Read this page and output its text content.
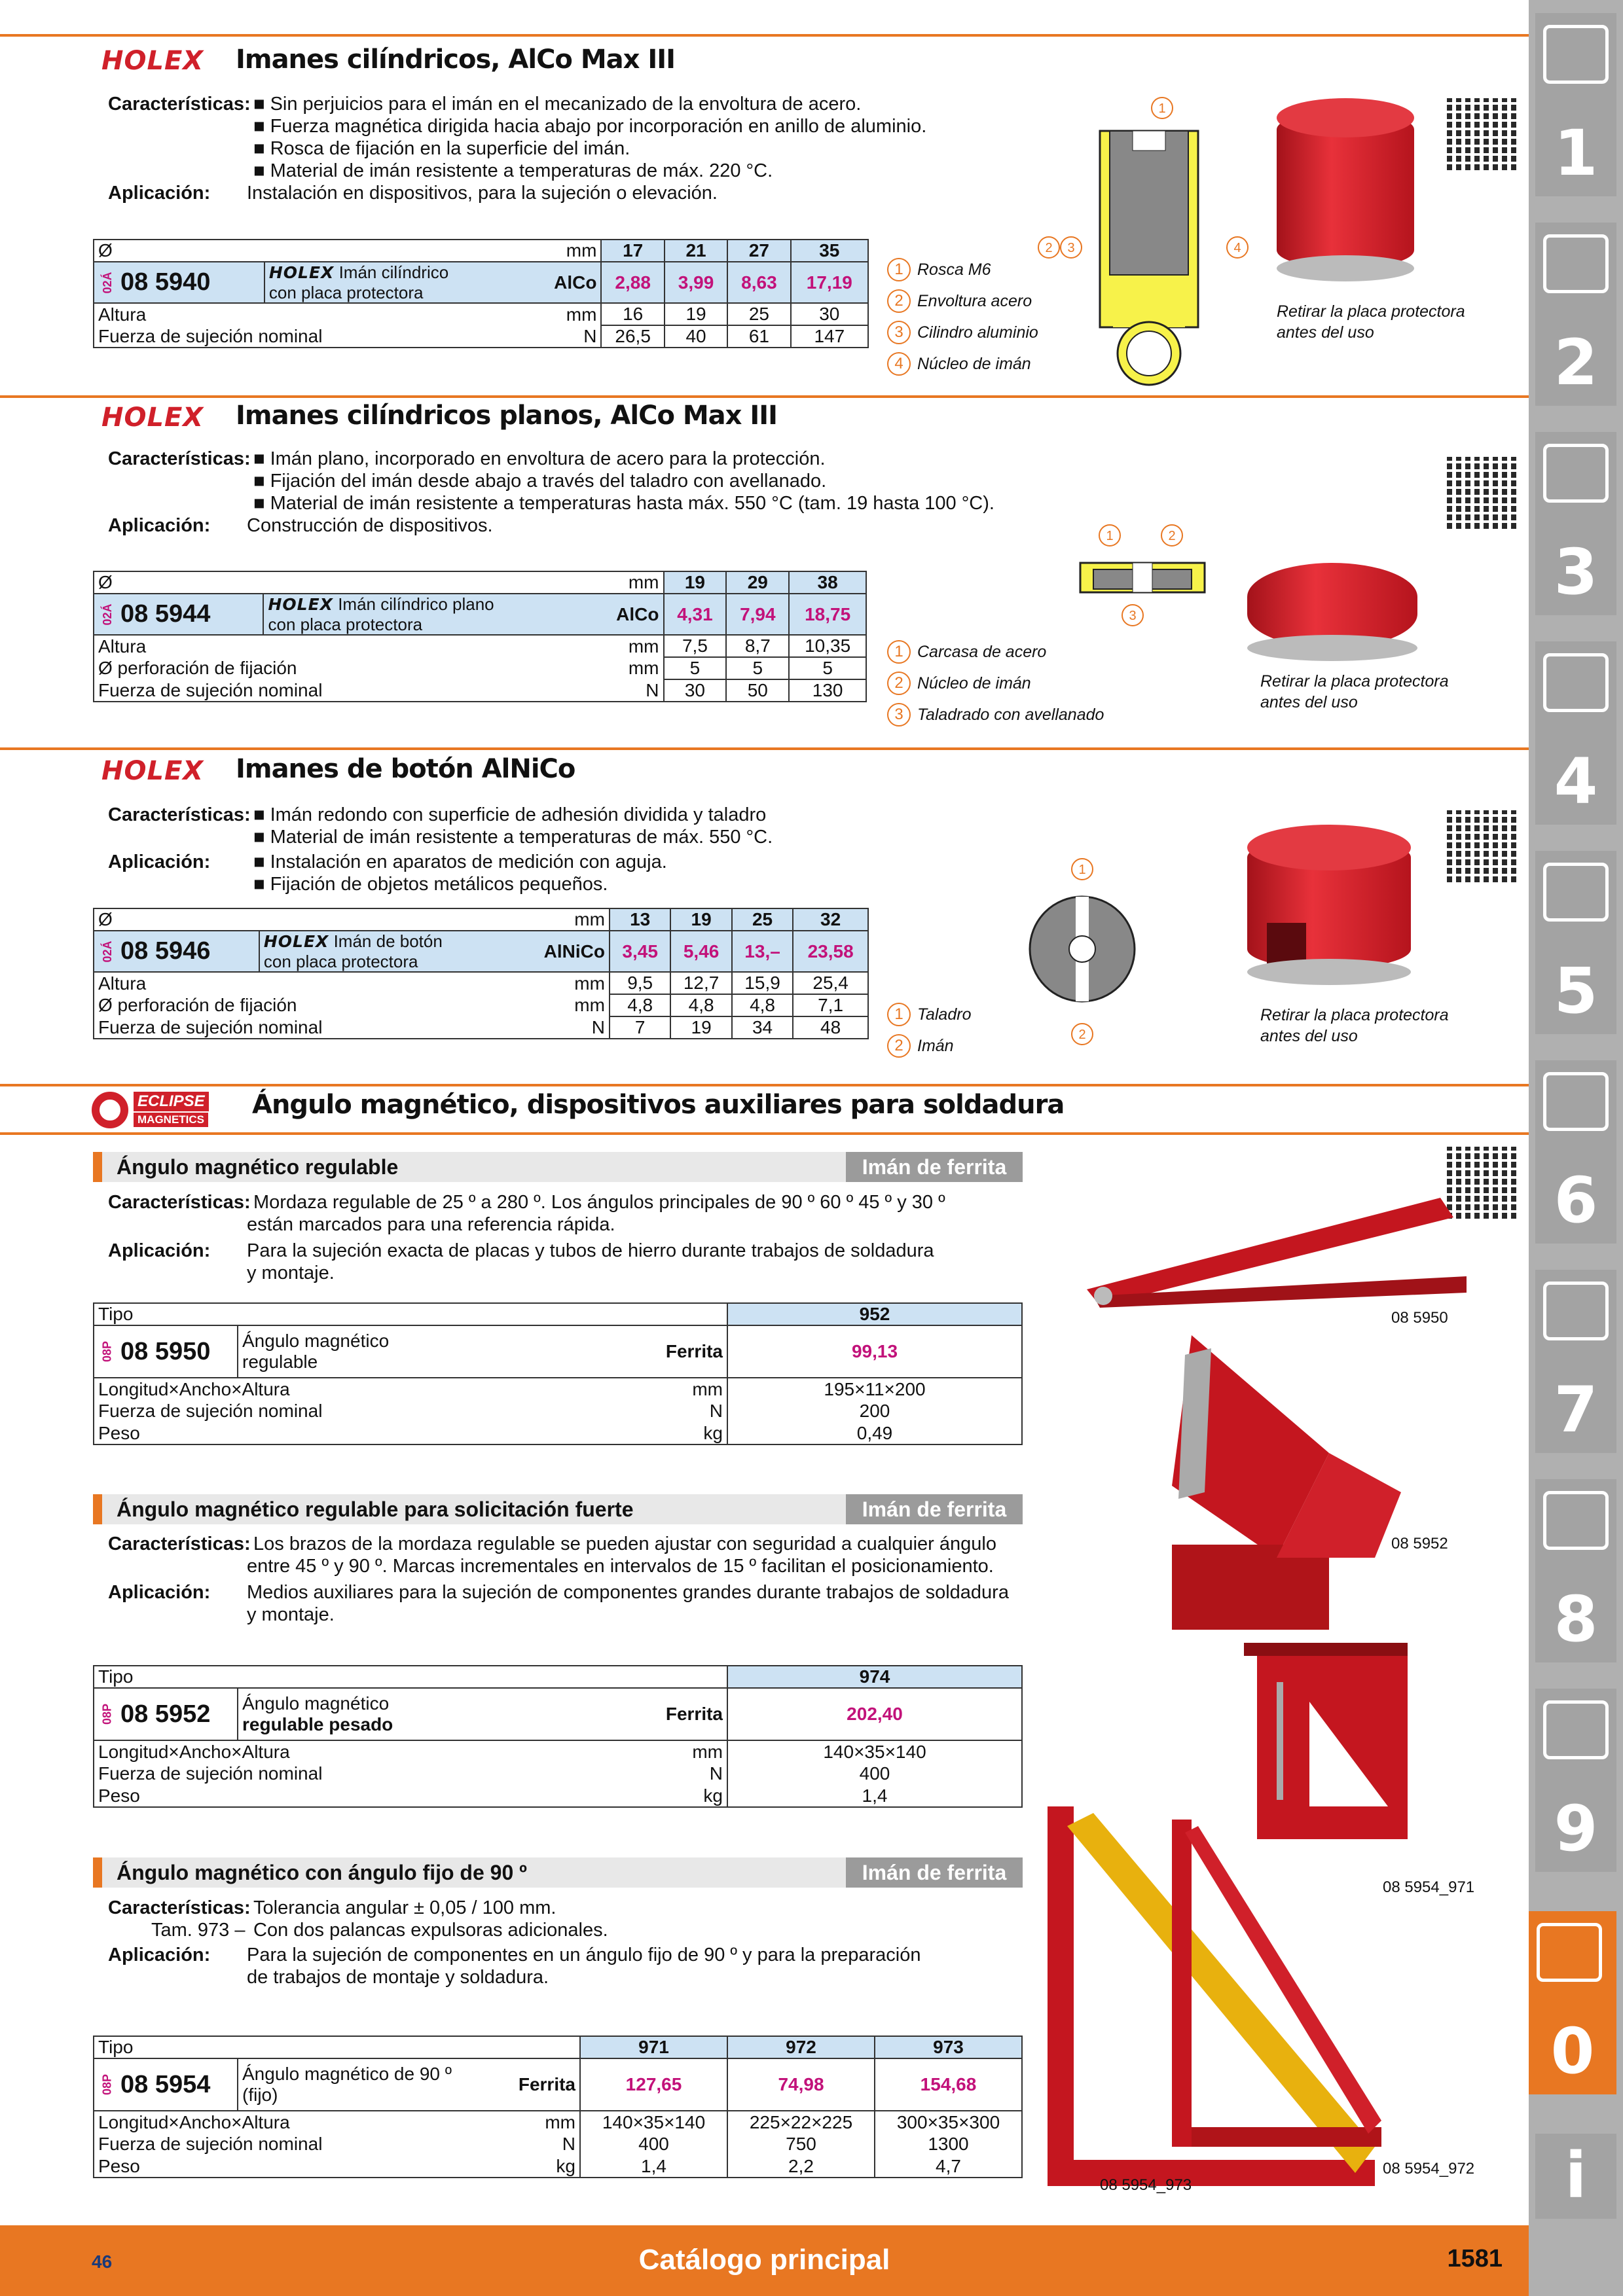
HOLEX Imanes cilíndricos, AlCo Max III
Características: ■ Sin perjuicios para el imán en el mecanizado de la envoltura de acero.
■ Fuerza magnética dirigida hacia abajo por incorporación en anillo de aluminio.
■ Rosca de fijación en la superficie del imán.
■ Material de imán resistente a temperaturas de máx. 220 °C.
Aplicación: Instalación en dispositivos, para la sujeción o elevación.
Ø		mm	17	21	27	35

02Á 08 5940	HOLEX Imán cilíndrico
con placa protectora	AlCo	2,88	3,99	8,63	17,19
Altura		mm	16	19	25	30
Fuerza de sujeción nominal		N	26,5	40	61	147
1 Rosca M6
2 Envoltura acero
3 Cilindro aluminio
4 Núcleo de imán
1
2 3	4
Retirar la placa protectora antes del uso
HOLEX Imanes cilíndricos planos, AlCo Max III
Características: ■ Imán plano, incorporado en envoltura de acero para la protección.
■ Fijación del imán desde abajo a través del taladro con avellanado.
■ Material de imán resistente a temperaturas hasta máx. 550 °C (tam. 19 hasta 100 °C).
Aplicación: Construcción de dispositivos.
Ø		mm	19	29	38

02Á 08 5944	HOLEX Imán cilíndrico plano
con placa protectora	AlCo	4,31	7,94	18,75
Altura		mm	7,5	8,7	10,35
Ø perforación de fijación		mm	5	5	5
Fuerza de sujeción nominal		N	30	50	130
1 Carcasa de acero
2 Núcleo de imán
3 Taladrado con avellanado
1	2
3
Retirar la placa protectora antes del uso
HOLEX Imanes de botón AlNiCo
Características: ■ Imán redondo con superficie de adhesión dividida y taladro
■ Material de imán resistente a temperaturas de máx. 550 °C.
Aplicación: ■ Instalación en aparatos de medición con aguja.
■ Fijación de objetos metálicos pequeños.
Ø		mm	13	19	25	32

02Á 08 5946	HOLEX Imán de botón
con placa protectora	AlNiCo	3,45	5,46	13,–	23,58
Altura		mm	9,5	12,7	15,9	25,4
Ø perforación de fijación		mm	4,8	4,8	4,8	7,1
Fuerza de sujeción nominal		N	7	19	34	48
1 Taladro
2 Imán
1
2
Retirar la placa protectora antes del uso
ECLIPSE
MAGNETICS Ángulo magnético, dispositivos auxiliares para soldadura
Ángulo magnético regulable	Imán de ferrita
Características: Mordaza regulable de 25 º a 280 º. Los ángulos principales de 90 º 60 º 45 º y 30 º
están marcados para una referencia rápida.
Aplicación: Para la sujeción exacta de placas y tubos de hierro durante trabajos de soldadura
y montaje.
Tipo			952

08P 08 5950	Ángulo magnético
regulable	Ferrita	99,13
Longitud×Ancho×Altura		mm	195×11×200
Fuerza de sujeción nominal		N	200
Peso		kg	0,49
Ángulo magnético regulable para solicitación fuerte	Imán de ferrita
Características: Los brazos de la mordaza regulable se pueden ajustar con seguridad a cualquier ángulo
entre 45 º y 90 º. Marcas incrementales en intervalos de 15 º facilitan el posicionamiento.
Aplicación: Medios auxiliares para la sujeción de componentes grandes durante trabajos de soldadura
y montaje.
Tipo			974

08P 08 5952	Ángulo magnético
regulable pesado	Ferrita	202,40
Longitud×Ancho×Altura		mm	140×35×140
Fuerza de sujeción nominal		N	400
Peso		kg	1,4
Ángulo magnético con ángulo fijo de 90 º	Imán de ferrita
Características: Tolerancia angular ± 0,05 / 100 mm.
Tam. 973 – Con dos palancas expulsoras adicionales.
Aplicación: Para la sujeción de componentes en un ángulo fijo de 90 º y para la preparación
de trabajos de montaje y soldadura.
Tipo			971	972	973

08P 08 5954	Ángulo magnético de 90 º
(fijo)	Ferrita	127,65	74,98	154,68
Longitud×Ancho×Altura		mm	140×35×140	225×22×225	300×35×300
Fuerza de sujeción nominal		N	400	750	1300
Peso		kg	1,4	2,2	4,7
08 5950
08 5952
08 5954_971
08 5954_973
08 5954_972
1
2
3
4
5
6
7
8
9
0
i
46	Catálogo principal	1581
